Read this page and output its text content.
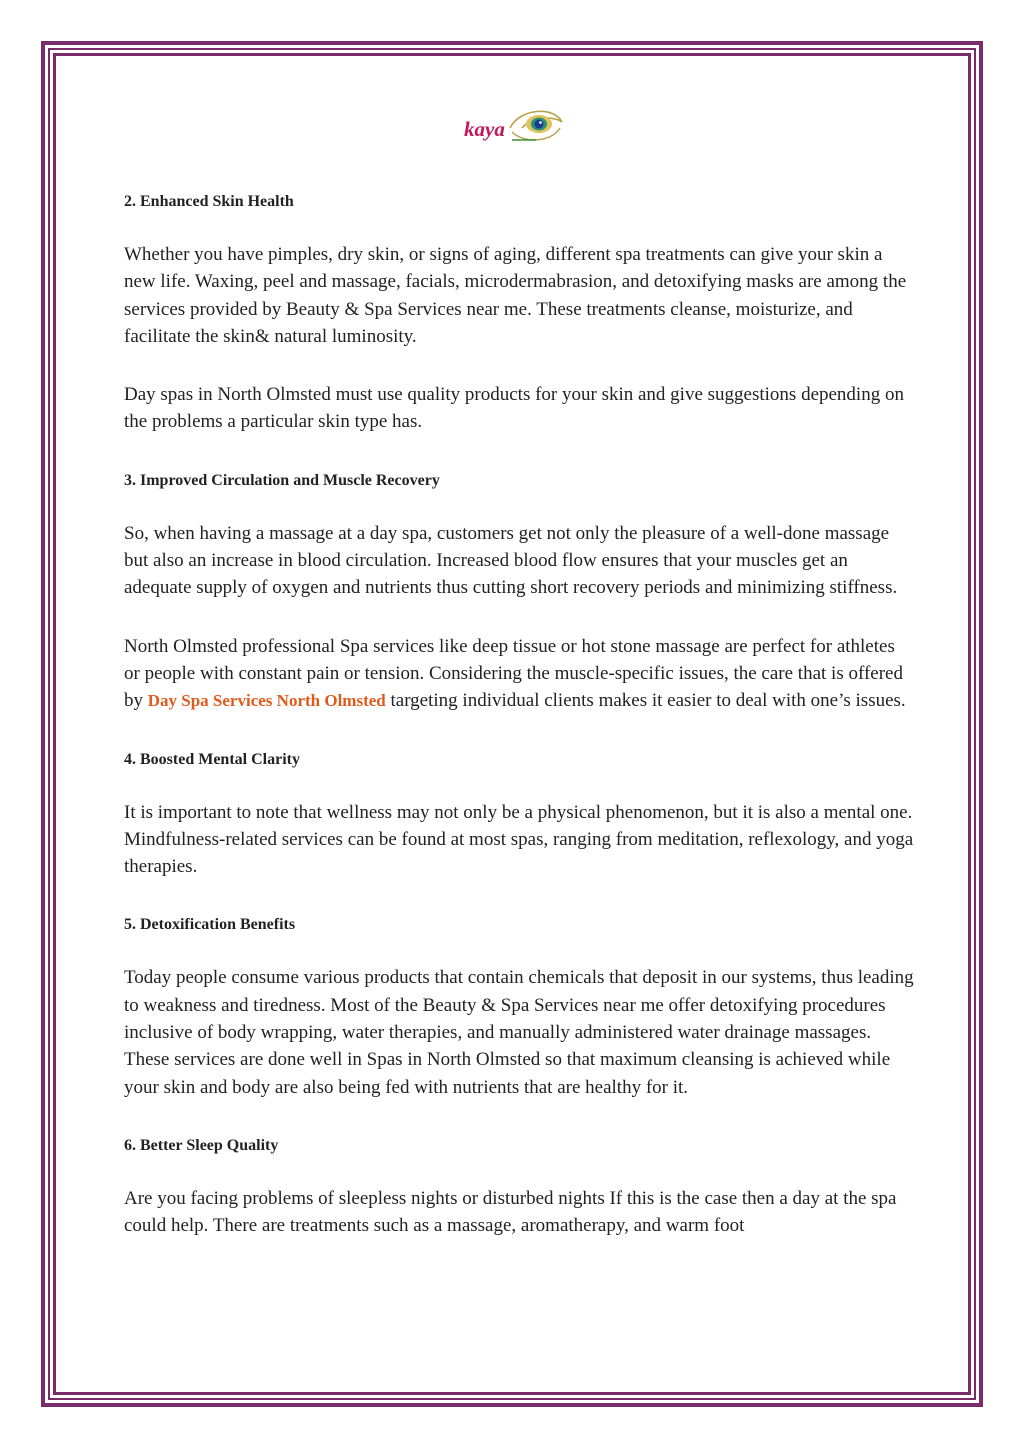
kaya
2. Enhanced Skin Health

Whether you have pimples, dry skin, or signs of aging, different spa treatments can give your skin a new life. Waxing, peel and massage, facials, microdermabrasion, and detoxifying masks are among the services provided by Beauty & Spa Services near me. These treatments cleanse, moisturize, and facilitate the skin& natural luminosity.

Day spas in North Olmsted must use quality products for your skin and give suggestions depending on the problems a particular skin type has.

3. Improved Circulation and Muscle Recovery

So, when having a massage at a day spa, customers get not only the pleasure of a well-done massage but also an increase in blood circulation. Increased blood flow ensures that your muscles get an adequate supply of oxygen and nutrients thus cutting short recovery periods and minimizing stiffness.

North Olmsted professional Spa services like deep tissue or hot stone massage are perfect for athletes or people with constant pain or tension. Considering the muscle-specific issues, the care that is offered by Day Spa Services North Olmsted targeting individual clients makes it easier to deal with one’s issues.

4. Boosted Mental Clarity

It is important to note that wellness may not only be a physical phenomenon, but it is also a mental one. Mindfulness-related services can be found at most spas, ranging from meditation, reflexology, and yoga therapies.

5. Detoxification Benefits

Today people consume various products that contain chemicals that deposit in our systems, thus leading to weakness and tiredness. Most of the Beauty & Spa Services near me offer detoxifying procedures inclusive of body wrapping, water therapies, and manually administered water drainage massages. These services are done well in Spas in North Olmsted so that maximum cleansing is achieved while your skin and body are also being fed with nutrients that are healthy for it.

6. Better Sleep Quality

Are you facing problems of sleepless nights or disturbed nights If this is the case then a day at the spa could help. There are treatments such as a massage, aromatherapy, and warm foot
